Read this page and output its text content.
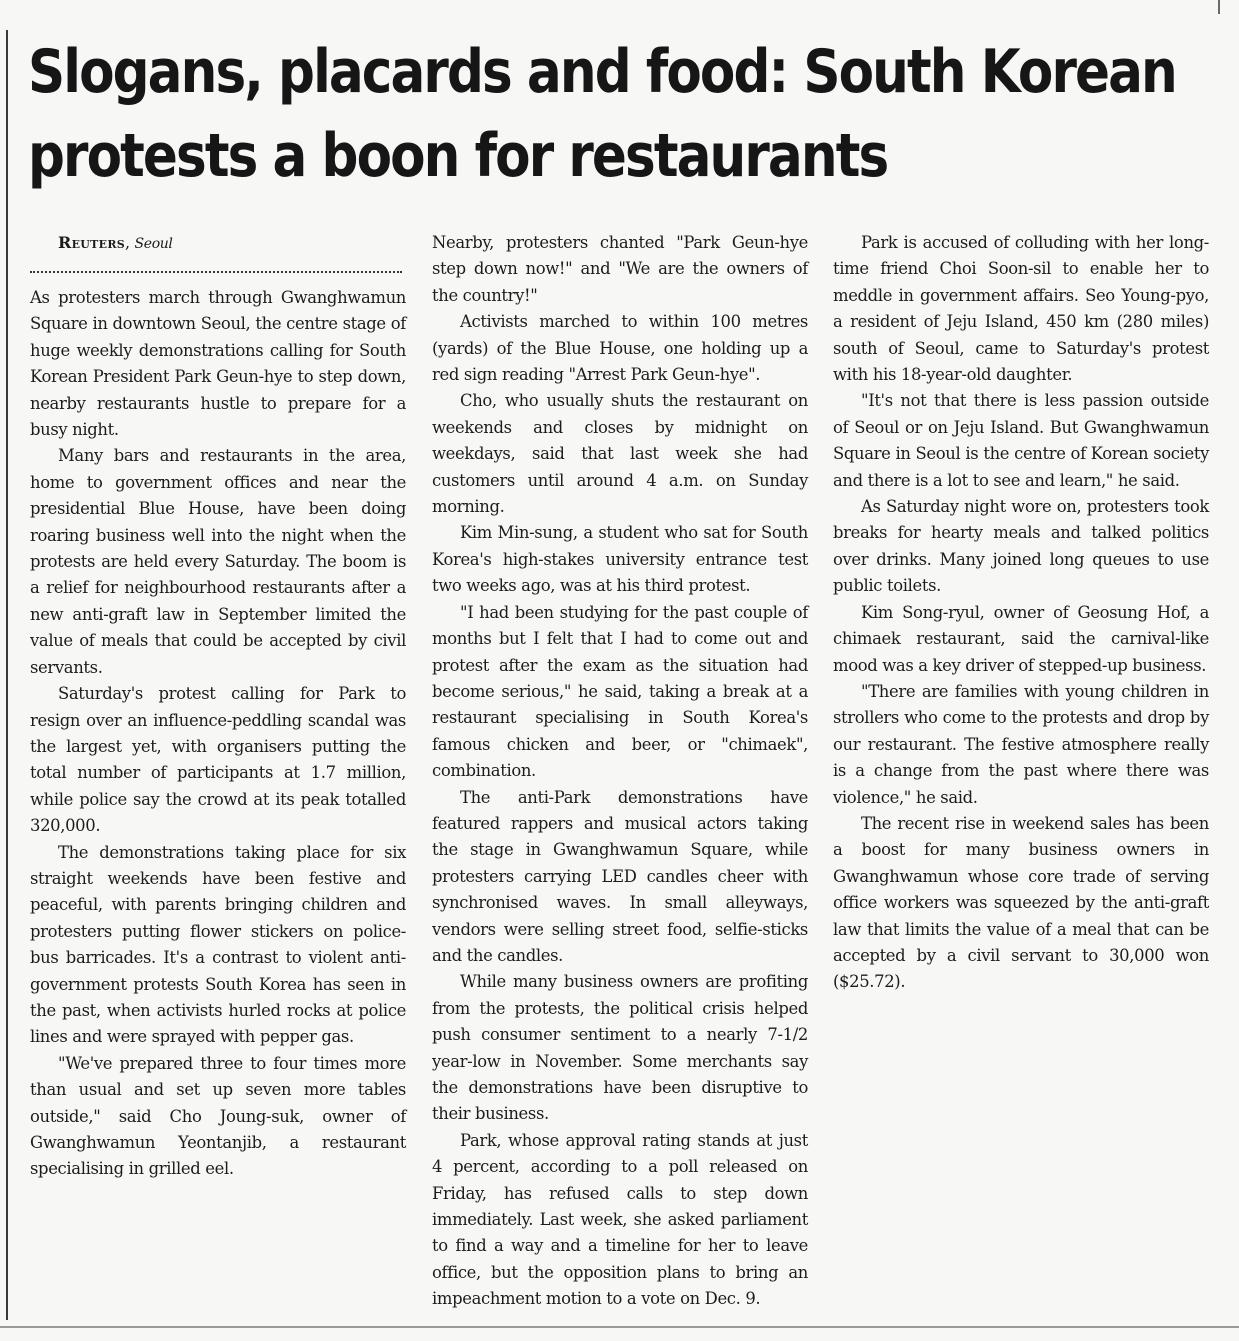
Slogans, placards and food: South Korean protests a boon for restaurants

Reuters, Seoul

As protesters march through Gwanghwamun Square in downtown Seoul, the centre stage of huge weekly demonstrations calling for South Korean President Park Geun-hye to step down, nearby restaurants hustle to prepare for a busy night.

Many bars and restaurants in the area, home to government offices and near the presidential Blue House, have been doing roaring business well into the night when the protests are held every Saturday. The boom is a relief for neighbourhood restaurants after a new anti-graft law in September limited the value of meals that could be accepted by civil servants.

Saturday's protest calling for Park to resign over an influence-peddling scandal was the largest yet, with organisers putting the total number of participants at 1.7 million, while police say the crowd at its peak totalled 320,000.

The demonstrations taking place for six straight weekends have been festive and peaceful, with parents bringing children and protesters putting flower stickers on police-bus barricades. It's a contrast to violent anti-government protests South Korea has seen in the past, when activists hurled rocks at police lines and were sprayed with pepper gas.

"We've prepared three to four times more than usual and set up seven more tables outside," said Cho Joung-suk, owner of Gwanghwamun Yeontanjib, a restaurant specialising in grilled eel.

Nearby, protesters chanted "Park Geun-hye step down now!" and "We are the owners of the country!"

Activists marched to within 100 metres (yards) of the Blue House, one holding up a red sign reading "Arrest Park Geun-hye".

Cho, who usually shuts the restaurant on weekends and closes by midnight on weekdays, said that last week she had customers until around 4 a.m. on Sunday morning.

Kim Min-sung, a student who sat for South Korea's high-stakes university entrance test two weeks ago, was at his third protest.

"I had been studying for the past couple of months but I felt that I had to come out and protest after the exam as the situation had become serious," he said, taking a break at a restaurant specialising in South Korea's famous chicken and beer, or "chimaek", combination.

The anti-Park demonstrations have featured rappers and musical actors taking the stage in Gwanghwamun Square, while protesters carrying LED candles cheer with synchronised waves. In small alleyways, vendors were selling street food, selfie-sticks and the candles.

While many business owners are profiting from the protests, the political crisis helped push consumer sentiment to a nearly 7-1/2 year-low in November. Some merchants say the demonstrations have been disruptive to their business.

Park, whose approval rating stands at just 4 percent, according to a poll released on Friday, has refused calls to step down immediately. Last week, she asked parliament to find a way and a timeline for her to leave office, but the opposition plans to bring an impeachment motion to a vote on Dec. 9.

Park is accused of colluding with her long-time friend Choi Soon-sil to enable her to meddle in government affairs. Seo Young-pyo, a resident of Jeju Island, 450 km (280 miles) south of Seoul, came to Saturday's protest with his 18-year-old daughter.

"It's not that there is less passion outside of Seoul or on Jeju Island. But Gwanghwamun Square in Seoul is the centre of Korean society and there is a lot to see and learn," he said.

As Saturday night wore on, protesters took breaks for hearty meals and talked politics over drinks. Many joined long queues to use public toilets.

Kim Song-ryul, owner of Geosung Hof, a chimaek restaurant, said the carnival-like mood was a key driver of stepped-up business.

"There are families with young children in strollers who come to the protests and drop by our restaurant. The festive atmosphere really is a change from the past where there was violence," he said.

The recent rise in weekend sales has been a boost for many business owners in Gwanghwamun whose core trade of serving office workers was squeezed by the anti-graft law that limits the value of a meal that can be accepted by a civil servant to 30,000 won ($25.72).
